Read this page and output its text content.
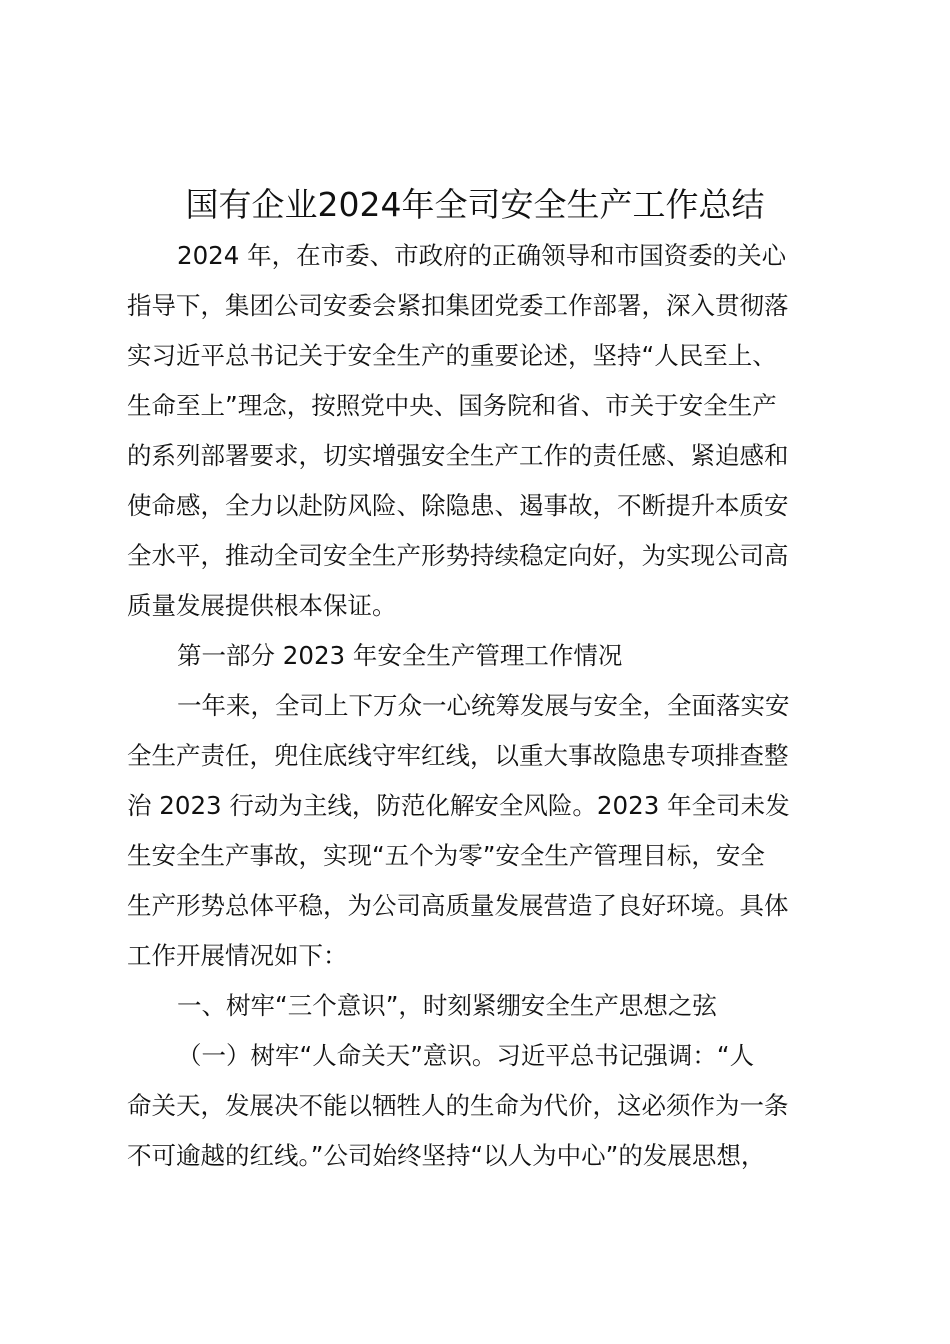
国有企业2024年全司安全生产工作总结

2024 年，在市委、市政府的正确领导和市国资委的关心

指导下，集团公司安委会紧扣集团党委工作部署，深入贯彻落

实习近平总书记关于安全生产的重要论述，坚持“人民至上、

生命至上”理念，按照党中央、国务院和省、市关于安全生产

的系列部署要求，切实增强安全生产工作的责任感、紧迫感和

使命感，全力以赴防风险、除隐患、遏事故，不断提升本质安

全水平，推动全司安全生产形势持续稳定向好，为实现公司高

质量发展提供根本保证。

第一部分 2023 年安全生产管理工作情况

一年来，全司上下万众一心统筹发展与安全，全面落实安

全生产责任，兜住底线守牢红线，以重大事故隐患专项排查整

治 2023 行动为主线，防范化解安全风险。2023 年全司未发

生安全生产事故，实现“五个为零”安全生产管理目标，安全

生产形势总体平稳，为公司高质量发展营造了良好环境。具体

工作开展情况如下：

一、树牢“三个意识”，时刻紧绷安全生产思想之弦

（一）树牢“人命关天”意识。习近平总书记强调：“人

命关天，发展决不能以牺牲人的生命为代价，这必须作为一条

不可逾越的红线。”公司始终坚持“以人为中心”的发展思想，
